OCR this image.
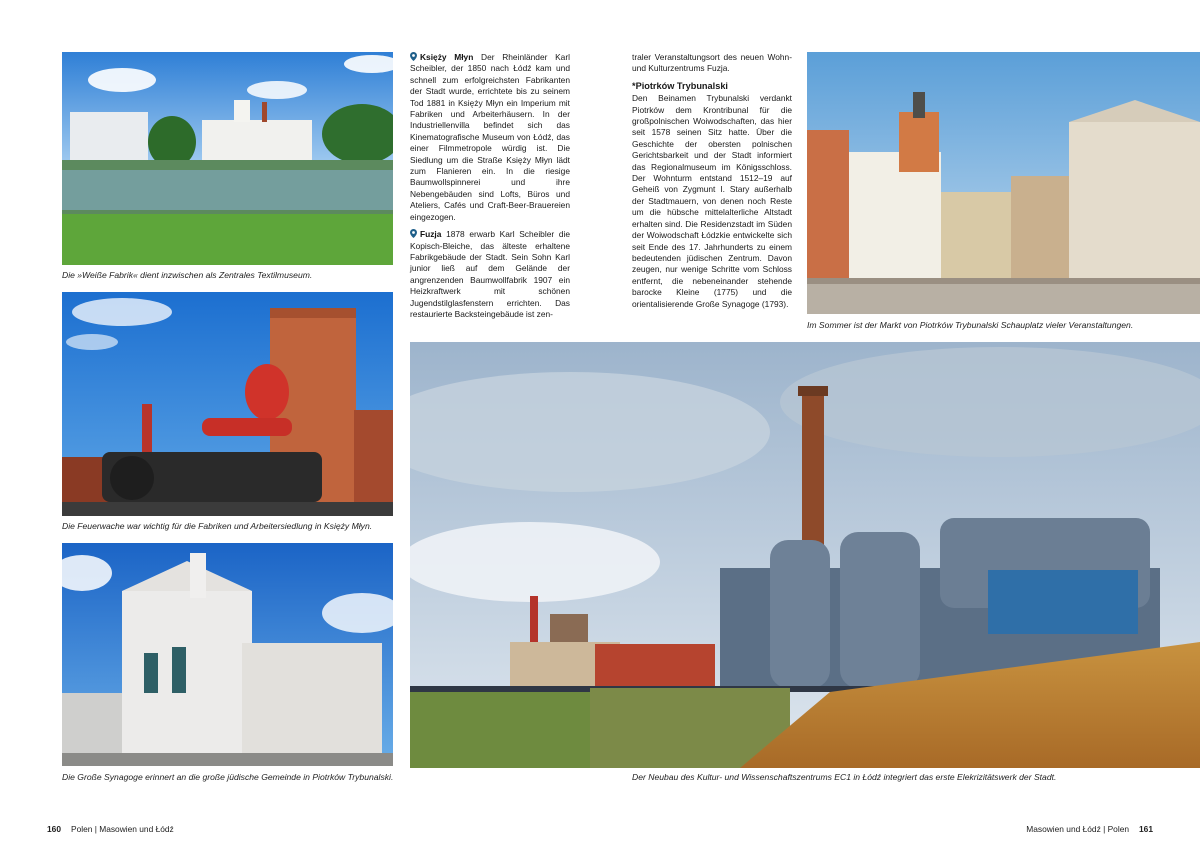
Die »Weiße Fabrik« dient inzwischen als Zentrales Textilmuseum.
Die Feuerwache war wichtig für die Fabriken und Arbeitersiedlung in Księży Młyn.
Die Große Synagoge erinnert an die große jüdische Gemeinde in Piotrków Trybunalski.

Księży Młyn Der Rheinländer Karl Scheibler, der 1850 nach Łódź kam und schnell zum erfolgreichsten Fabrikanten der Stadt wurde, errichtete bis zu seinem Tod 1881 in Księży Młyn ein Imperium mit Fabriken und Arbeiterhäusern. In der Industriellenvilla befindet sich das Kinematografische Museum von Łódź, das einer Filmmetropole würdig ist. Die Siedlung um die Straße Księży Młyn lädt zum Flanieren ein. In die riesige Baumwollspinnerei und ihre Nebengebäuden sind Lofts, Büros und Ateliers, Cafés und Craft-Beer-Brauereien eingezogen.

Fuzja 1878 erwarb Karl Scheibler die Kopisch-Bleiche, das älteste erhaltene Fabrikgebäude der Stadt. Sein Sohn Karl junior ließ auf dem Gelände der angrenzenden Baumwollfabrik 1907 ein Heizkraftwerk mit schönen Jugendstilglasfenstern errichten. Das restaurierte Backsteingebäude ist zen-

traler Veranstaltungsort des neuen Wohn- und Kulturzentrums Fuzja.

*Piotrków Trybunalski
Den Beinamen Trybunalski verdankt Piotrków dem Krontribunal für die großpolnischen Woiwodschaften, das hier seit 1578 seinen Sitz hatte. Über die Geschichte der obersten polnischen Gerichtsbarkeit und der Stadt informiert das Regionalmuseum im Königsschloss. Der Wohnturm entstand 1512–19 auf Geheiß von Zygmunt I. Stary außerhalb der Stadtmauern, von denen noch Reste um die hübsche mittelalterliche Altstadt erhalten sind. Die Residenzstadt im Süden der Woiwodschaft Łódzkie entwickelte sich seit Ende des 17. Jahrhunderts zu einem bedeutenden jüdischen Zentrum. Davon zeugen, nur wenige Schritte vom Schloss entfernt, die nebeneinander stehende barocke Kleine (1775) und die orientalisierende Große Synagoge (1793).

Im Sommer ist der Markt von Piotrków Trybunalski Schauplatz vieler Veranstaltungen.
Der Neubau des Kultur- und Wissenschaftszentrums EC1 in Łódź integriert das erste Elekrizitätswerk der Stadt.
160 Polen | Masowien und Łódź	Masowien und Łódź | Polen 161
